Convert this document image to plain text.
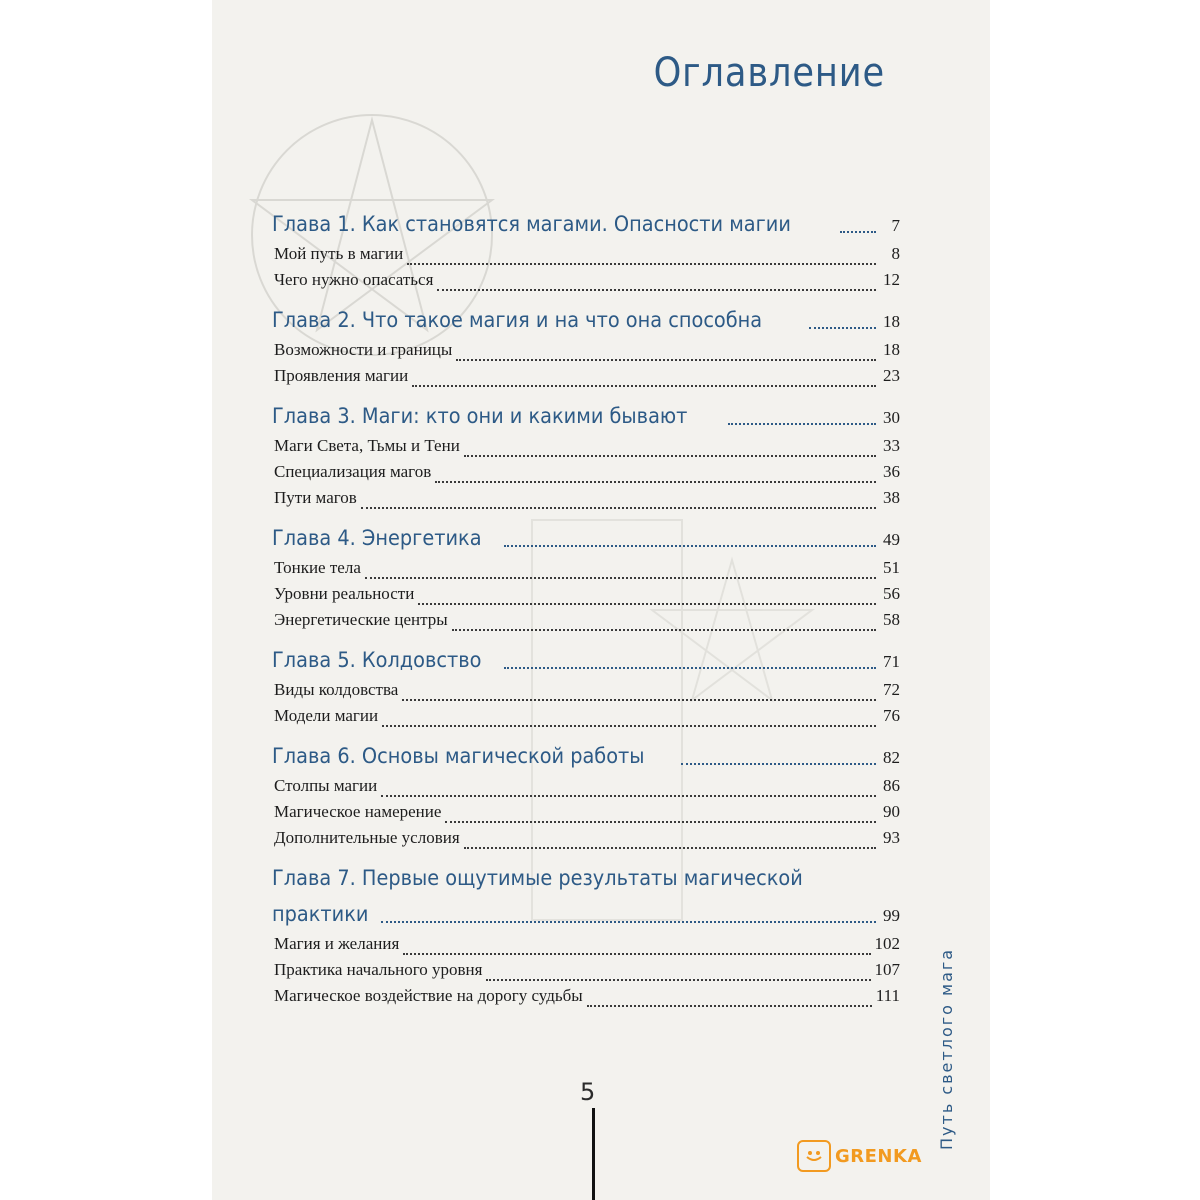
Оглавление
Глава 1. Как становятся магами. Опасности магии	7
Мой путь в магии	8
Чего нужно опасаться	12
Глава 2. Что такое магия и на что она способна	18
Возможности и границы	18
Проявления магии	23
Глава 3. Маги: кто они и какими бывают	30
Маги Света, Тьмы и Тени	33
Специализация магов	36
Пути магов	38
Глава 4. Энергетика	49
Тонкие тела	51
Уровни реальности	56
Энергетические центры	58
Глава 5. Колдовство	71
Виды колдовства	72
Модели магии	76
Глава 6. Основы магической работы	82
Столпы магии	86
Магическое намерение	90
Дополнительные условия	93
Глава 7. Первые ощутимые результаты магической
практики	99
Магия и желания	102
Практика начального уровня	107
Магическое воздействие на дорогу судьбы	111
5	Путь светлого мага
GRENKA
